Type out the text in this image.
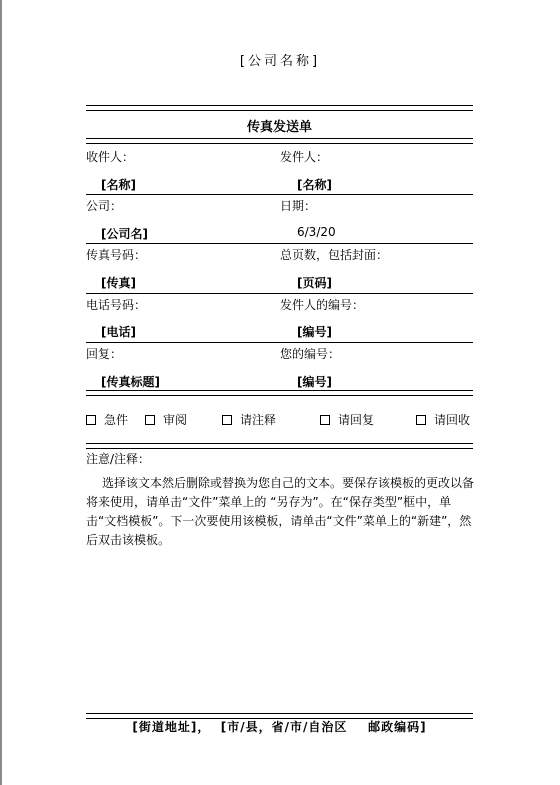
[公司名称]
传真发送单
收件人：	发件人：
[名称]	[名称]
公司：	日期：
[公司名]	6/3/20
传真号码：	总页数，包括封面：
[传真]	[页码]
电话号码：	发件人的编号：
[电话]	[编号]
回复：	您的编号：
[传真标题]	[编号]
急件	审阅	请注释	请回复	请回收
注意/注释：
选择该文本然后删除或替换为您自己的文本。要保存该模板的更改以备将来使用，请单击“文件”菜单上的 “另存为”。在“保存类型”框中，单击“文档模板”。下一次要使用该模板，请单击“文件”菜单上的“新建”，然后双击该模板。
[街道地址]，  [市/县，省/市/自治区    邮政编码]
